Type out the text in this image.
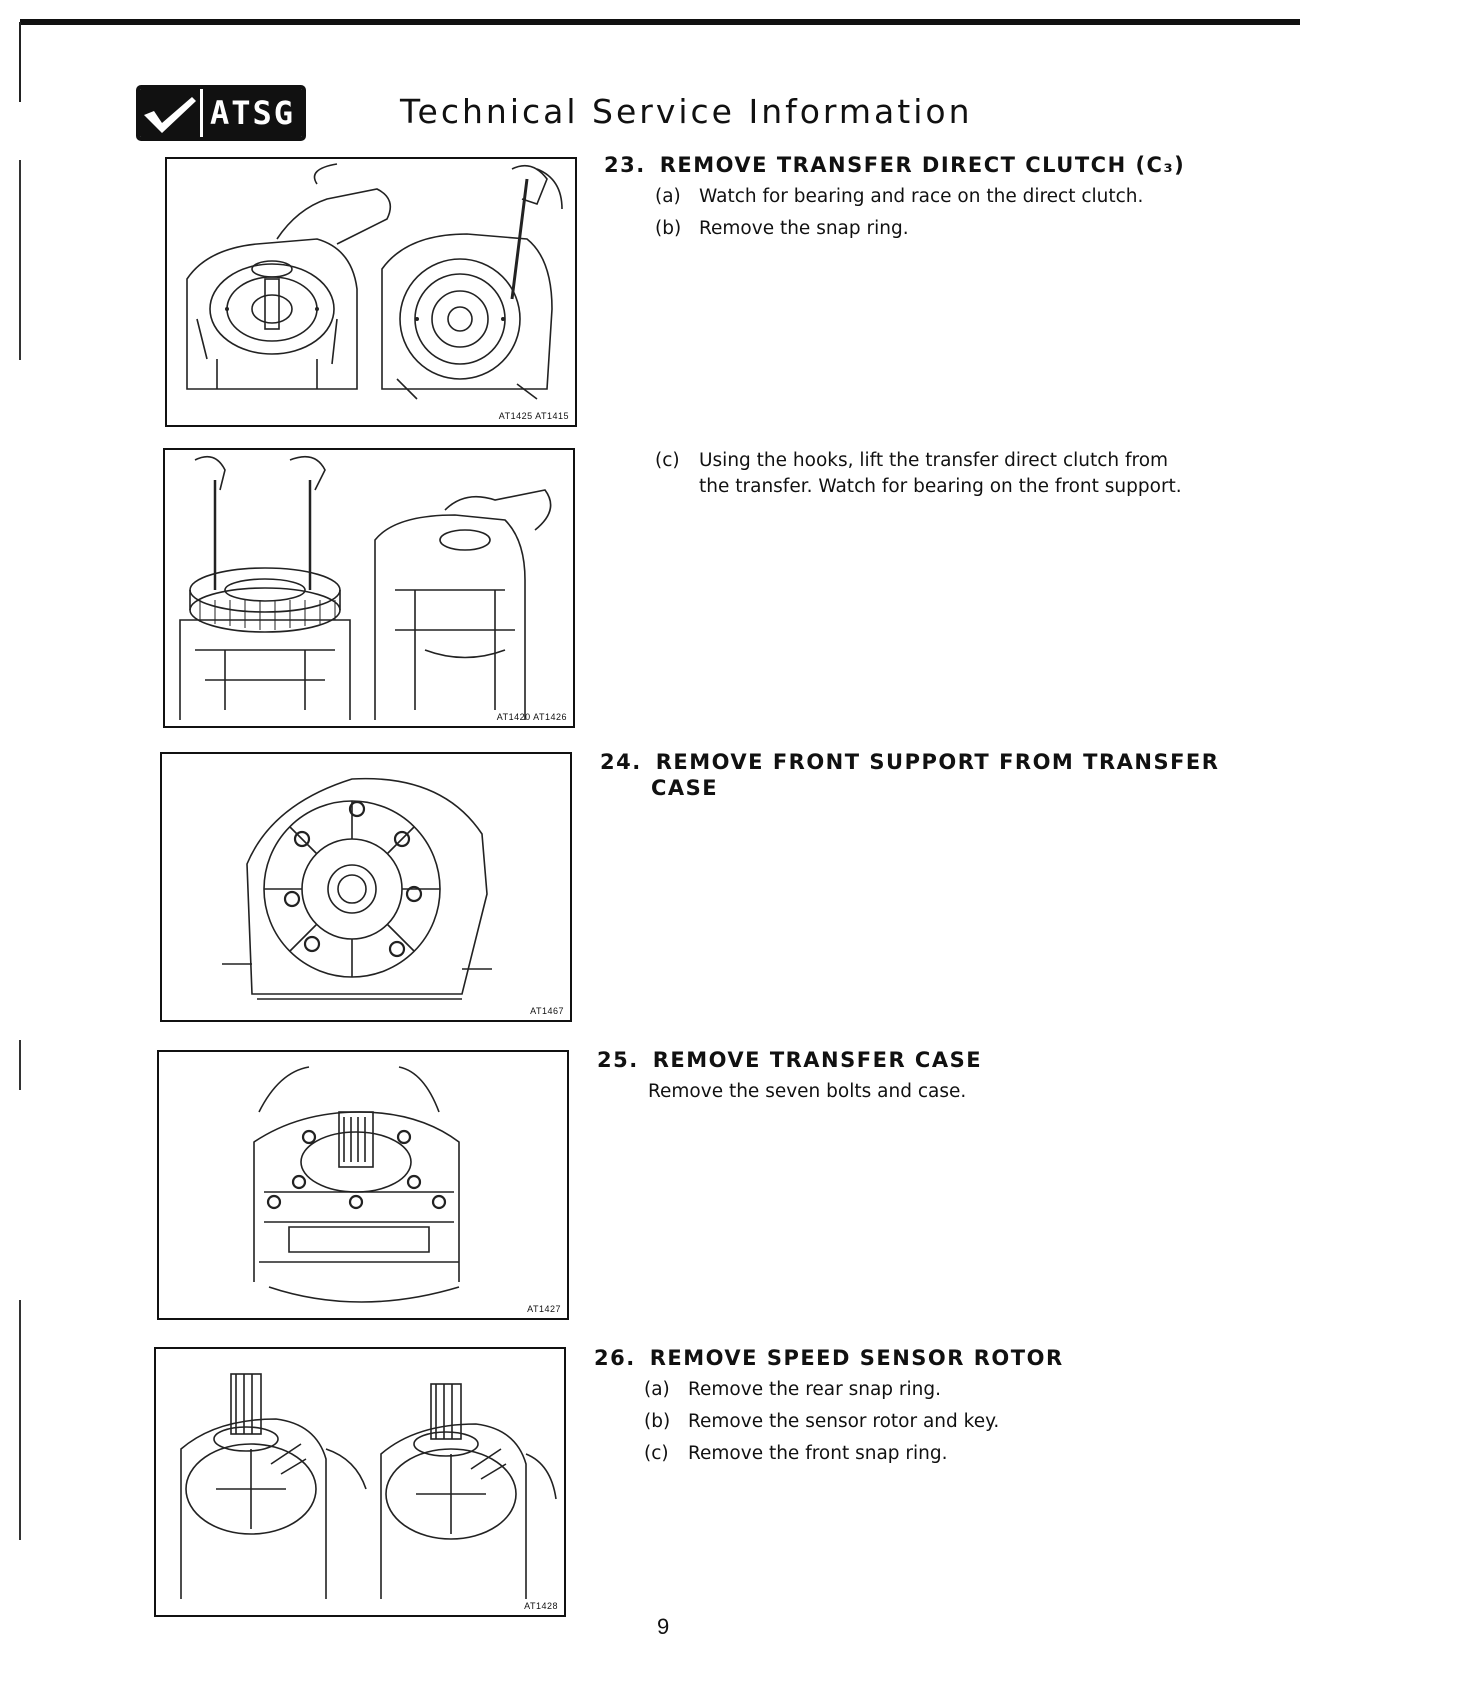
ATSG	Technical Service Information
AT1425 AT1415
23. REMOVE TRANSFER DIRECT CLUTCH (C₃)
(a) Watch for bearing and race on the direct clutch.
(b) Remove the snap ring.
AT1420 AT1426
(c) Using the hooks, lift the transfer direct clutch from
the transfer. Watch for bearing on the front support.
AT1467
24. REMOVE FRONT SUPPORT FROM TRANSFER
CASE
AT1427
25. REMOVE TRANSFER CASE
Remove the seven bolts and case.
AT1428
26. REMOVE SPEED SENSOR ROTOR
(a) Remove the rear snap ring.
(b) Remove the sensor rotor and key.
(c) Remove the front snap ring.
9
